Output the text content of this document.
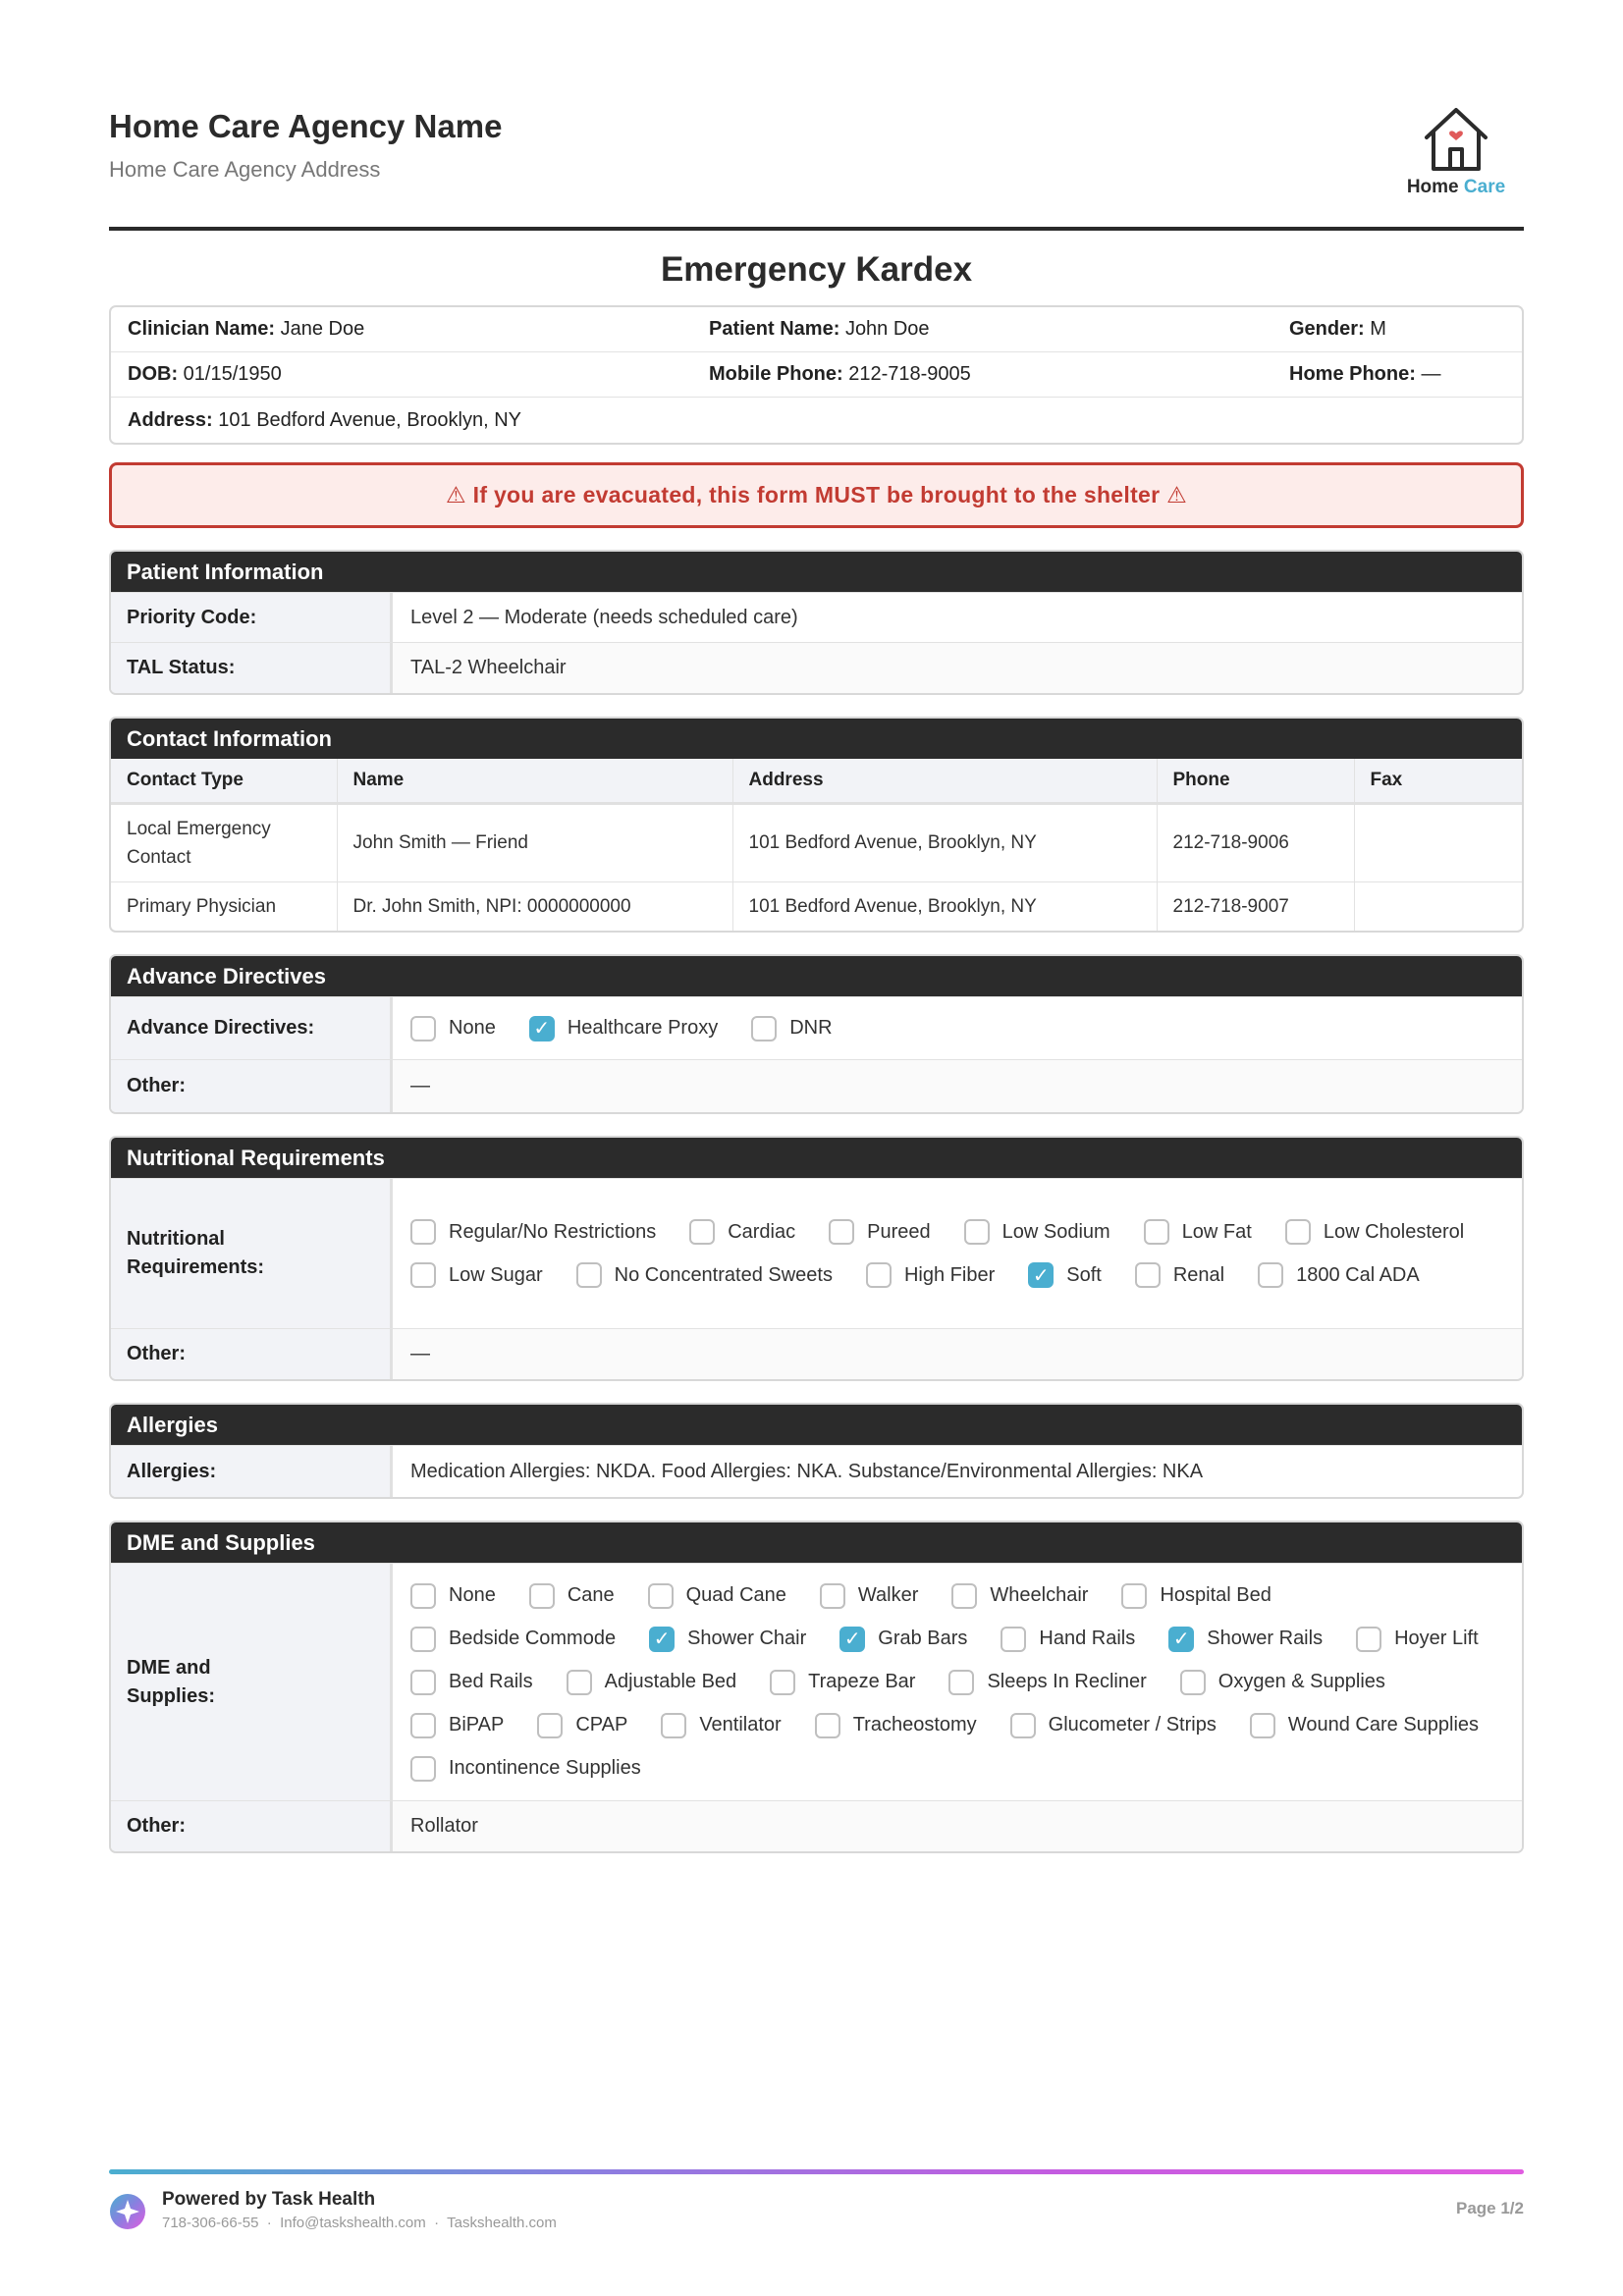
Home Care Agency Name
Home Care Agency Address
Home Care
Emergency Kardex
Clinician Name: Jane Doe	Patient Name: John Doe	Gender: M
DOB: 01/15/1950	Mobile Phone: 212-718-9005	Home Phone: —
Address: 101 Bedford Avenue, Brooklyn, NY
⚠ If you are evacuated, this form MUST be brought to the shelter ⚠
Patient Information
Priority Code:	Level 2 — Moderate (needs scheduled care)
TAL Status:	TAL-2 Wheelchair
Contact Information
Contact Type	Name	Address	Phone	Fax
Local Emergency Contact	John Smith — Friend	101 Bedford Avenue, Brooklyn, NY	212-718-9006	
Primary Physician	Dr. John Smith, NPI: 0000000000	101 Bedford Avenue, Brooklyn, NY	212-718-9007	
Advance Directives
Advance Directives:	None ✓ Healthcare Proxy	DNR
Other:	—
Nutritional Requirements
Nutritional Requirements:
Regular/No Restrictions	Cardiac	Pureed	Low Sodium	Low Fat	Low Cholesterol
Low Sugar	No Concentrated Sweets	High Fiber ✓ Soft	Renal	1800 Cal ADA
Other:	—
Allergies
Allergies:	Medication Allergies: NKDA. Food Allergies: NKA. Substance/Environmental Allergies: NKA
DME and Supplies
DME and Supplies:
None	Cane	Quad Cane	Walker	Wheelchair	Hospital Bed
Bedside Commode ✓ Shower Chair ✓ Grab Bars	Hand Rails ✓ Shower Rails	Hoyer Lift
Bed Rails	Adjustable Bed	Trapeze Bar	Sleeps In Recliner	Oxygen & Supplies
BiPAP	CPAP	Ventilator	Tracheostomy	Glucometer / Strips	Wound Care Supplies
Incontinence Supplies
Other:	Rollator
Powered by Task Health
718-306-66-55 · Info@taskshealth.com · Taskshealth.com
Page 1/2
